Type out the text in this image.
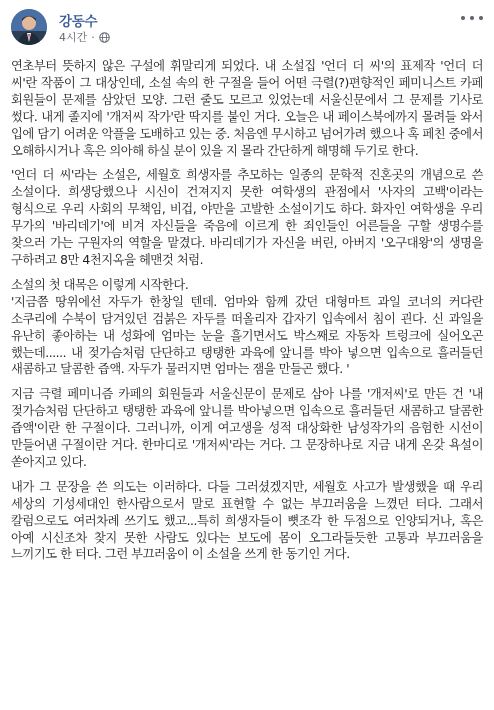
강동수
4시간 ·

연초부터 뜻하지 않은 구설에 휘말리게 되었다. 내 소설집 '언더 더 씨'의 표제작 '언더 더 씨'란 작품이 그 대상인데, 소설 속의 한 구절을 들어 어떤 극렬(?)편향적인 페미니스트 카페 회원들이 문제를 삼았던 모양. 그런 줄도 모르고 있었는데 서울신문에서 그 문제를 기사로 썼다. 내게 졸지에 '개저씨 작가'란 딱지를 붙인 거다. 오늘은 내 페이스북에까지 몰려들 와서 입에 담기 어려운 악플을 도배하고 있는 중. 처음엔 무시하고 넘어가려 했으나 혹 페친 중에서 오해하시거나 혹은 의아해 하실 분이 있을 지 몰라 간단하게 해명해 두기로 한다.

'언더 더 씨'라는 소설은, 세월호 희생자를 추모하는 일종의 문학적 진혼곳의 개념으로 쓴 소설이다. 희생당했으나 시신이 건져지지 못한 여학생의 관점에서 '사자의 고백'이라는 형식으로 우리 사회의 무책임, 비겁, 야만을 고발한 소설이기도 하다. 화자인 여학생을 우리 무가의 '바리데기'에 비겨 자신들을 죽음에 이르게 한 죄인들인 어른들을 구할 생명수를 찾으러 가는 구원자의 역할을 맡겼다. 바리데기가 자신을 버린, 아버지 '오구대왕'의 생명을 구하려고 8만 4천지옥을 헤맨것 처럼.

소설의 첫 대목은 이렇게 시작한다.
'지금쯤 땅위에선 자두가 한창일 텐데. 엄마와 함께 갔던 대형마트 과일 코너의 커다란 소쿠리에 수북이 담겨있던 검붉은 자두를 떠올리자 갑자기 입속에서 침이 괸다. 신 과일을 유난히 좋아하는 내 성화에 엄마는 눈을 흘기면서도 박스째로 자동차 트렁크에 실어오곤 했는데...... 내 젖가슴처럼 단단하고 탱탱한 과육에 앞니를 박아 넣으면 입속으로 흘러들던 새콤하고 달콤한 즙액. 자두가 물러지면 엄마는 잼을 만들곤 했다. '

지금 극렬 페미니즘 카페의 회원들과 서울신문이 문제로 삼아 나를 '개저씨'로 만든 건 '내 젖가슴처럼 단단하고 탱탱한 과육에 앞니를 박아넣으면 입속으로 흘러들던 새콤하고 달콤한 즙액'이란 한 구절이다. 그러니까, 이게 여고생을 성적 대상화한 남성작가의 음험한 시선이 만들어낸 구절이란 거다. 한마디로 '개저씨'라는 거다. 그 문장하나로 지금 내게 온갖 욕설이 쏟아지고 있다.

내가 그 문장을 쓴 의도는 이러하다. 다들 그러셨겠지만, 세월호 사고가 발생했을 때 우리 세상의 기성세대인 한사람으로서 말로 표현할 수 없는 부끄러움을 느꼈던 터다. 그래서 칼럼으로도 여러차례 쓰기도 했고...특히 희생자들이 뼛조각 한 두점으로 인양되거나, 혹은 아예 시신조차 찾지 못한 사람도 있다는 보도에 몸이 오그라들듯한 고통과 부끄러움을 느끼기도 한 터다. 그런 부끄러움이 이 소설을 쓰게 한 동기인 거다.
